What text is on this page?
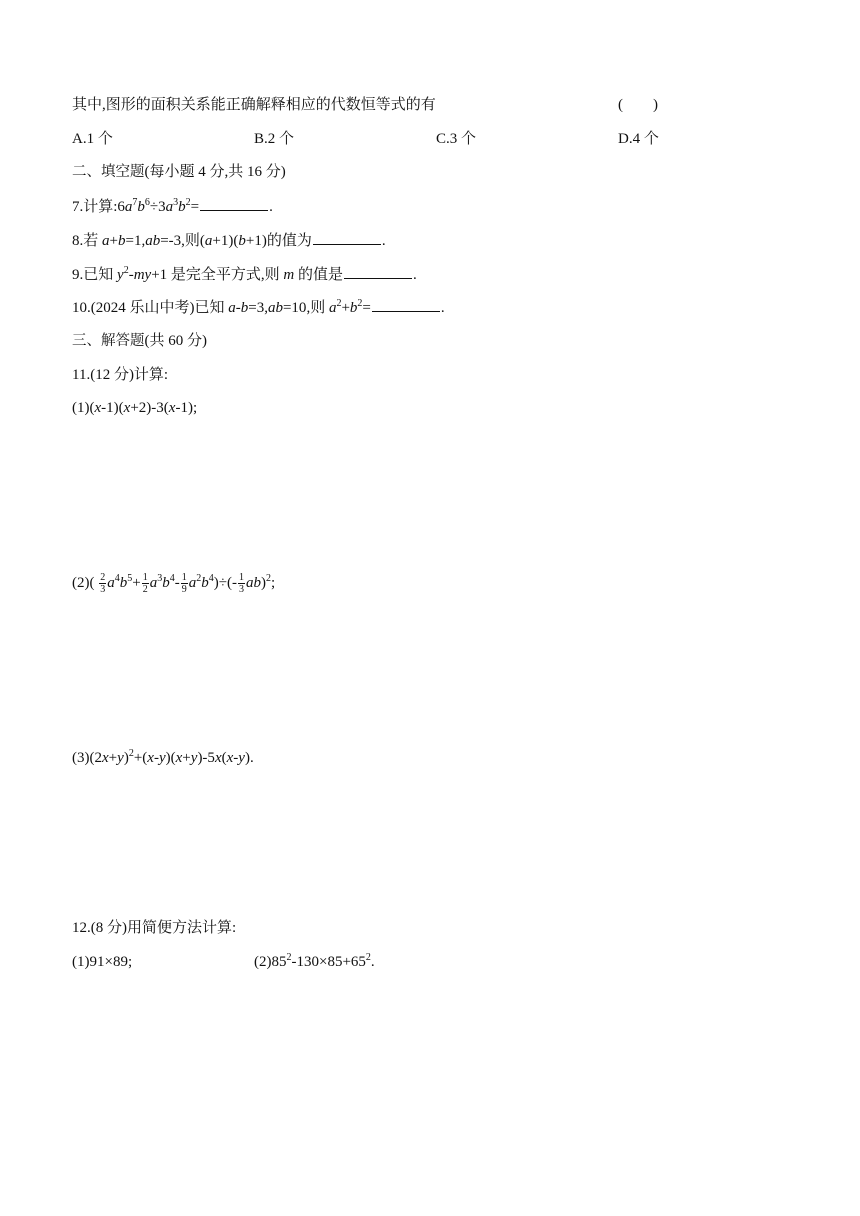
其中,图形的面积关系能正确解释相应的代数恒等式的有	( )
A.1 个	B.2 个	C.3 个	D.4 个
二、填空题(每小题 4 分,共 16 分)
7.计算$:6a^7b^6\div 3a^3b^2=$	.
8.若 a+b=1,ab=-3,则(a+1)(b+1)的值为	.
9.已知 $y^2-my+1$ 是完全平方式,则 m 的值是	.
10.(2024 乐山中考)已知 a-b=3,ab=10,则 $a^2+b^2=$	.
三、解答题(共 60 分)
11.(12 分)计算:
(1)(x-1)(x+2)-3(x-1);
$(2)( \frac{2}{3} a^4b^5+ \frac{1}{2} a^3b^4- \frac{1}{9} a^2b^4)\div(- \frac{1}{3} ab)^2$;
$(3)(2x+y)^2+(x-y)(x+y)-5x(x-y)$.
12.(8 分)用简便方法计算:
(1)91×89;	$(2)85^2-130\times 85+65^2$.
